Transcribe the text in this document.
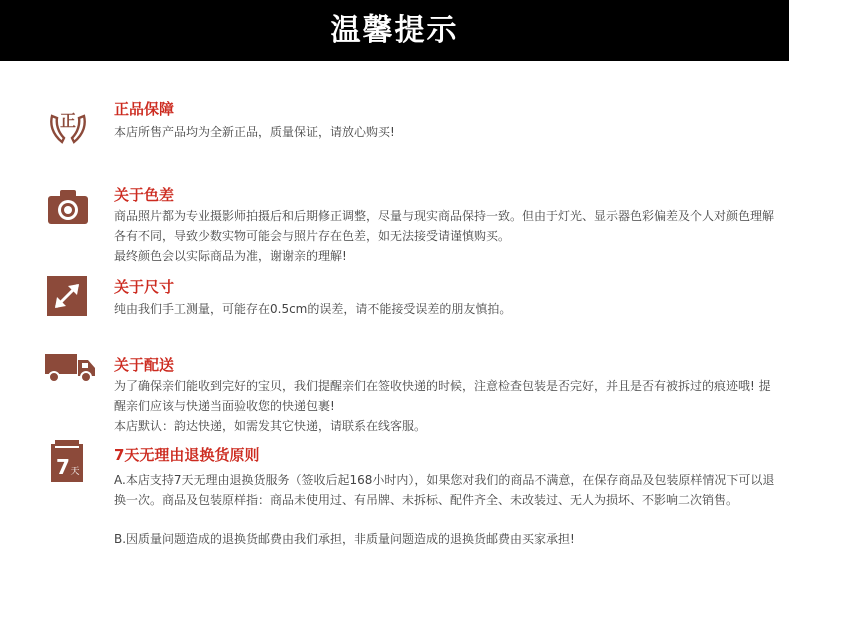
温馨提示
正
正品保障

本店所售产品均为全新正品，质量保证，请放心购买!

关于色差

商品照片都为专业摄影师拍摄后和后期修正调整，尽量与现实商品保持一致。但由于灯光、显示器色彩偏差及个人对颜色理解各有不同，导致少数实物可能会与照片存在色差，如无法接受请谨慎购买。

最终颜色会以实际商品为准，谢谢亲的理解!

关于尺寸

纯由我们手工测量，可能存在0.5cm的误差，请不能接受误差的朋友慎拍。

关于配送

为了确保亲们能收到完好的宝贝，我们提醒亲们在签收快递的时候，注意检查包装是否完好，并且是否有被拆过的痕迹哦! 提醒亲们应该与快递当面验收您的快递包裹!

本店默认：韵达快递，如需发其它快递，请联系在线客服。

7 天
7天无理由退换货原则

A.本店支持7天无理由退换货服务（签收后起168小时内），如果您对我们的商品不满意，在保存商品及包装原样情况下可以退换一次。商品及包装原样指：商品未使用过、有吊牌、未拆标、配件齐全、未改装过、无人为损坏、不影响二次销售。

B.因质量问题造成的退换货邮费由我们承担，非质量问题造成的退换货邮费由买家承担!
